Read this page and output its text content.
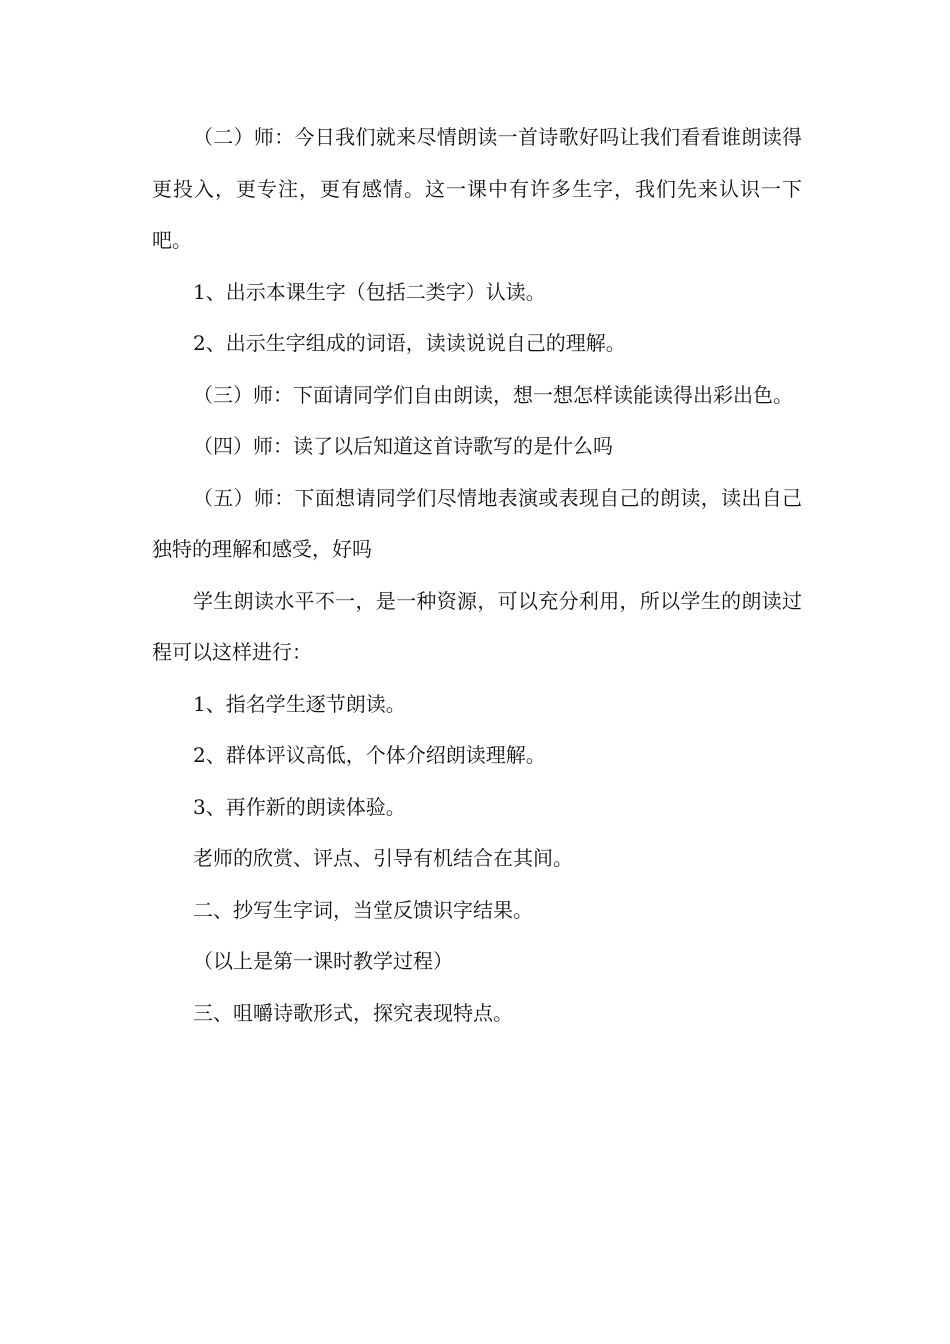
（二）师：今日我们就来尽情朗读一首诗歌好吗让我们看看谁朗读得更投入，更专注，更有感情。这一课中有许多生字，我们先来认识一下吧。

1、出示本课生字（包括二类字）认读。

2、出示生字组成的词语，读读说说自己的理解。

（三）师：下面请同学们自由朗读，想一想怎样读能读得出彩出色。

（四）师：读了以后知道这首诗歌写的是什么吗

（五）师：下面想请同学们尽情地表演或表现自己的朗读，读出自己独特的理解和感受，好吗

学生朗读水平不一，是一种资源，可以充分利用，所以学生的朗读过程可以这样进行：

1、指名学生逐节朗读。

2、群体评议高低，个体介绍朗读理解。

3、再作新的朗读体验。

老师的欣赏、评点、引导有机结合在其间。

二、抄写生字词，当堂反馈识字结果。

（以上是第一课时教学过程）

三、咀嚼诗歌形式，探究表现特点。
